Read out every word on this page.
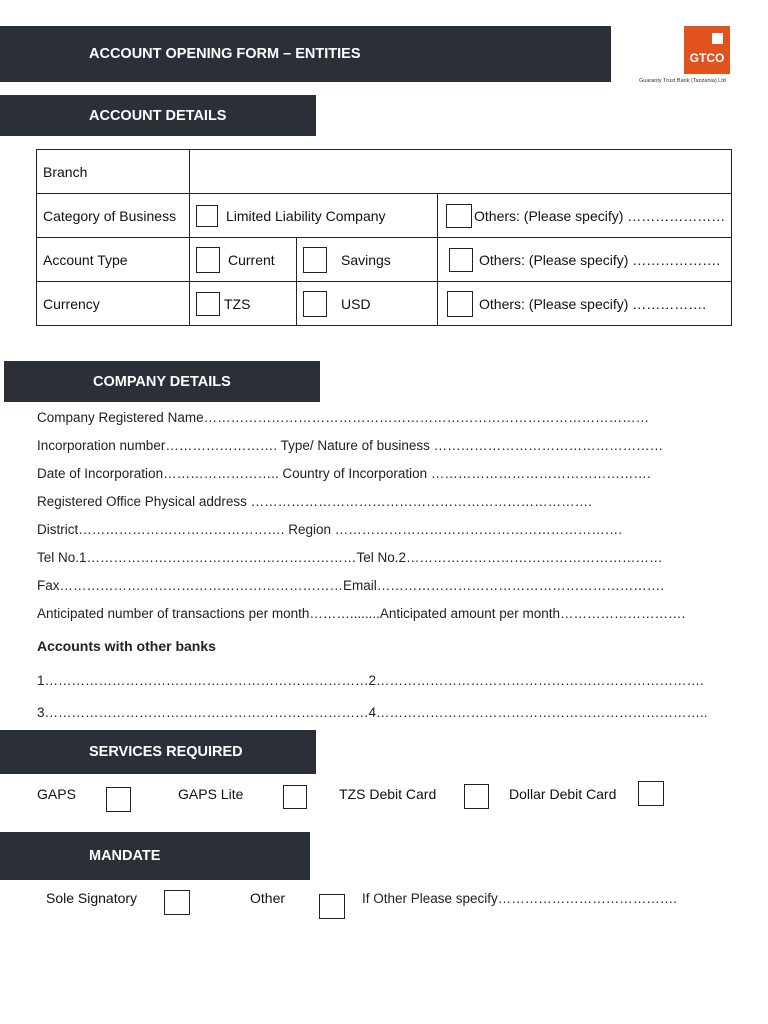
ACCOUNT OPENING FORM – ENTITIES	GTCO
Guaranty Trust Bank (Tanzania) Ltd
ACCOUNT DETAILS
Branch			
Category of Business	Limited Liability Company		Others: (Please specify) …………………

Account Type	Current	Savings	Others: (Please specify) ……………….

Currency	TZS	USD	Others: (Please specify) …………….
COMPANY DETAILS
Company Registered Name………………………………………………………………………………………
Incorporation number……………………. Type/ Nature of business ……………………………………………
Date of Incorporation…………………….. Country of Incorporation ………………………………………….
Registered Office Physical address ………………………………………………………………….
District………………………………………. Region ……………………………………………………….
Tel No.1……………………………………………………Tel No.2…………………………………………………
Fax………………………………………………………Email……………………………………………………….
Anticipated number of transactions per month………........Anticipated amount per month……………………….
Accounts with other banks
1………………………………………………………………2……………………………………………………………….
3………………………………………………………………4………………………………………………………………..
SERVICES REQUIRED
GAPS	GAPS Lite	TZS Debit Card	Dollar Debit Card
MANDATE
Sole Signatory	Other	If Other Please specify………………………………….
